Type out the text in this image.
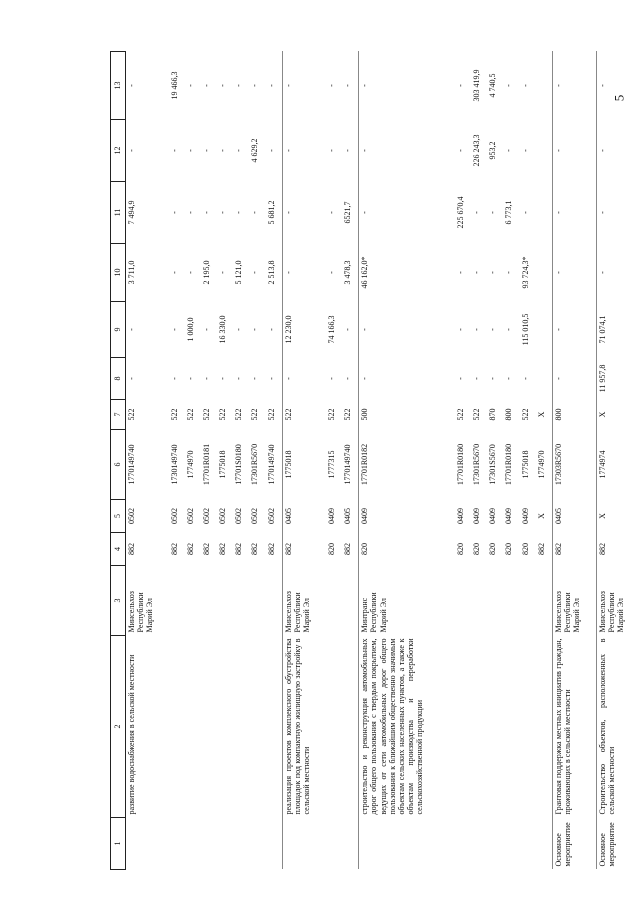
5
1	2	3	4	5	6	7	8	9	10	11	12	13
	развитие водоснабжения в сельской местности	Минсельхоз Республики Марий Эл	882	0502	1770149740	522	-	-	3 711,0	7 494,9	-	-
			882	0502	1730149740	522	-	-	-	-	-	19 466,3
			882	0502	1774970	522	-	1 000,0	-	-	-	-
			882	0502	17701R0181	522	-	-	2 195,0	-	-	-
			882	0502	1775018	522	-	16 330,0	-	-	-	-
			882	0502	17701S0180	522	-	-	5 121,0	-	-	-
			882	0502	17301R5670	522	-	-	-	-	4 629,2	-
			882	0502	1770149740	522	-	-	2 513,8	5 681,2	-	-
	реализация проектов комплексного обустройства площадок под компактную жилищную застройку в сельской местности	Минсельхоз Республики Марий Эл	882	0405	1775018	522	-	12 230,0	-	-	-	-
			820	0409	1777315	522	-	74 166,3	-	-	-	-
			882	0405	1770149740	522	-	-	3 478,3	6521,7	-	-
	строительство и реконструкция автомобильных дорог общего пользования с твердым покрытием, ведущих от сети автомобильных дорог общего пользования к ближайшим общественно значимым объектам сельских населенных пунктов, а также к объектам производства и переработки сельскохозяйственной продукции	Минтранс Республики Марий Эл	820	0409	17701R0182	500	-	-	46 162,0*	-	-	-
			820	0409	17701R0180	522	-	-	-	225 670,4	-	-
			820	0409	17301R5670	522	-	-	-	-	226 243,3	303 419,9
			820	0409	17301S5670	870	-	-	-	-	953,2	4 740,5
			820	0409	17701R0180	800	-	-	-	6 773,1	-	-
			820	0409	1775018	522	-	115 010,5	93 724,3*	-	-	-
			882	X	1774970	X						
Основное мероприятие	Грантовая поддержка местных инициатив граждан, проживающих в сельской местности	Минсельхоз Республики Марий Эл	882	0405	17303R5670	800	-	-	-	-	-	-
Основное мероприятие	Строительство объектов, расположенных в сельской местности	Минсельхоз Республики Марий Эл	882	X	1774974	X	11 957,8	71 074,1	-	-	-	-
